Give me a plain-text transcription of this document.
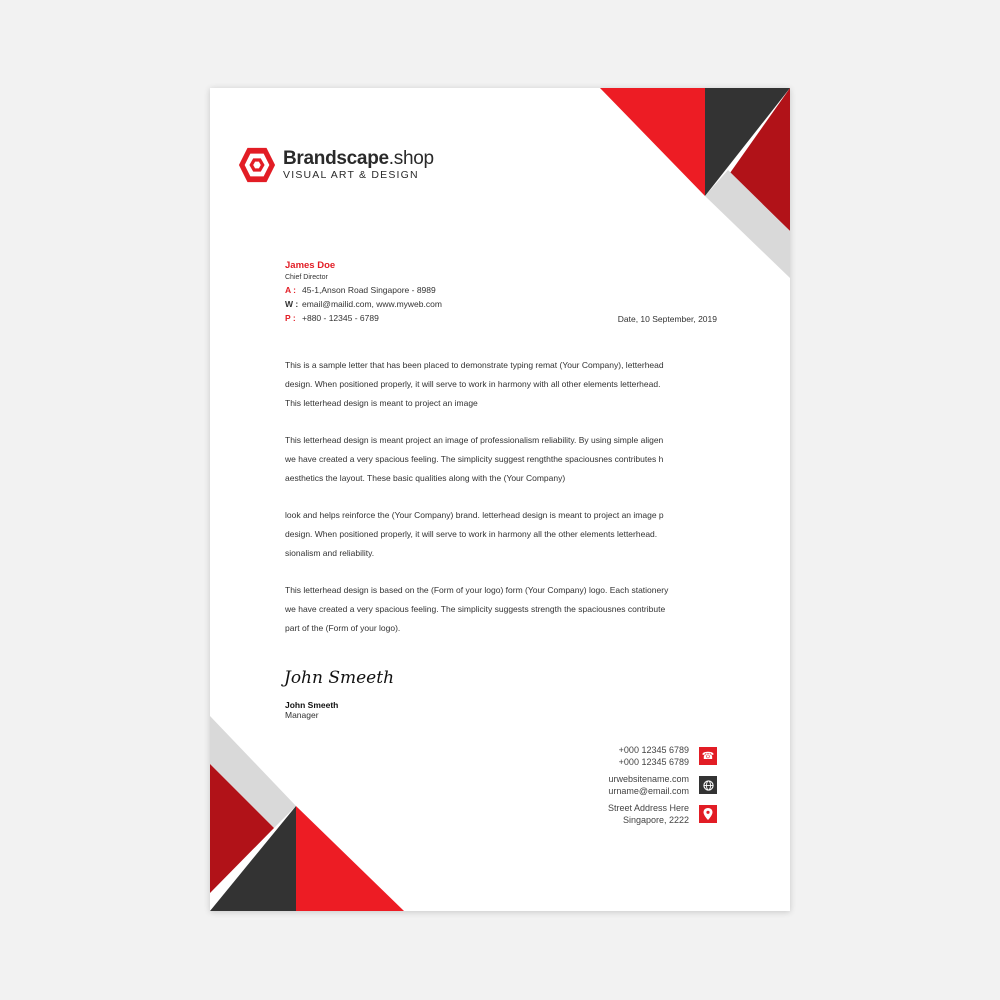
Brandscape.shop
VISUAL ART & DESIGN
James Doe
Chief Director
A : 45-1,Anson Road Singapore - 8989
W : email@mailid.com, www.myweb.com
P : +880 - 12345 - 6789	Date, 10 September, 2019
This is a sample letter that has been placed to demonstrate typing remat (Your Company), letterhead
design. When positioned properly, it will serve to work in harmony with all other elements letterhead.
This letterhead design is meant to project an image
This letterhead design is meant project an image of professionalism reliability. By using simple aligen
we have created a very spacious feeling. The simplicity suggest rengththe spaciousnes contributes h
aesthetics the layout. These basic qualities along with the (Your Company)
look and helps reinforce the (Your Company) brand. letterhead design is meant to project an image p
design. When positioned properly, it will serve to work in harmony all the other elements letterhead.
sionalism and reliability.
This letterhead design is based on the (Form of your logo) form (Your Company) logo. Each stationery
we have created a very spacious feeling. The simplicity suggests strength the spaciousnes contribute
part of the (Form of your logo).
John Smeeth
John Smeeth
Manager
+000 12345 6789
+000 12345 6789
☎
urwebsitename.com
urname@email.com
Street Address Here
Singapore, 2222
